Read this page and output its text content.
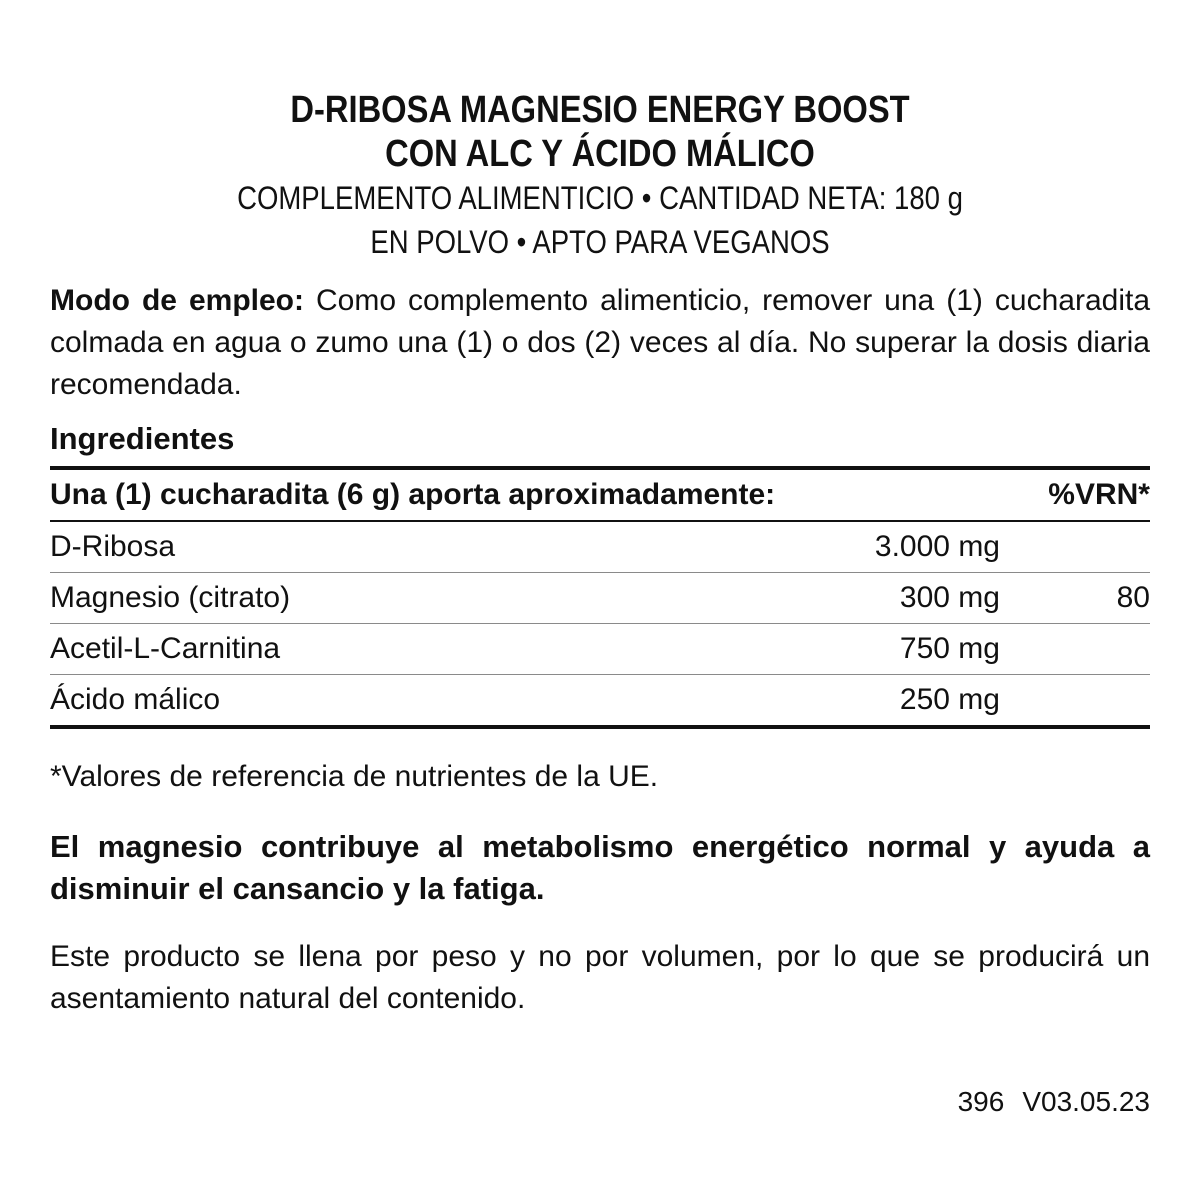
D-RIBOSA MAGNESIO ENERGY BOOST
CON ALC Y ÁCIDO MÁLICO
COMPLEMENTO ALIMENTICIO • CANTIDAD NETA: 180 g
EN POLVO • APTO PARA VEGANOS
Modo de empleo: Como complemento alimenticio, remover una (1) cucharadita colmada en agua o zumo una (1) o dos (2) veces al día. No superar la dosis diaria recomendada.
Ingredientes
Una (1) cucharadita (6 g) aporta aproximadamente:		%VRN*
D-Ribosa	3.000 mg	
Magnesio (citrato)	300 mg	80
Acetil-L-Carnitina	750 mg	
Ácido málico	250 mg	
*Valores de referencia de nutrientes de la UE.
El magnesio contribuye al metabolismo energético normal y ayuda a disminuir el cansancio y la fatiga.
Este producto se llena por peso y no por volumen, por lo que se producirá un asentamiento natural del contenido.
396 V03.05.23
